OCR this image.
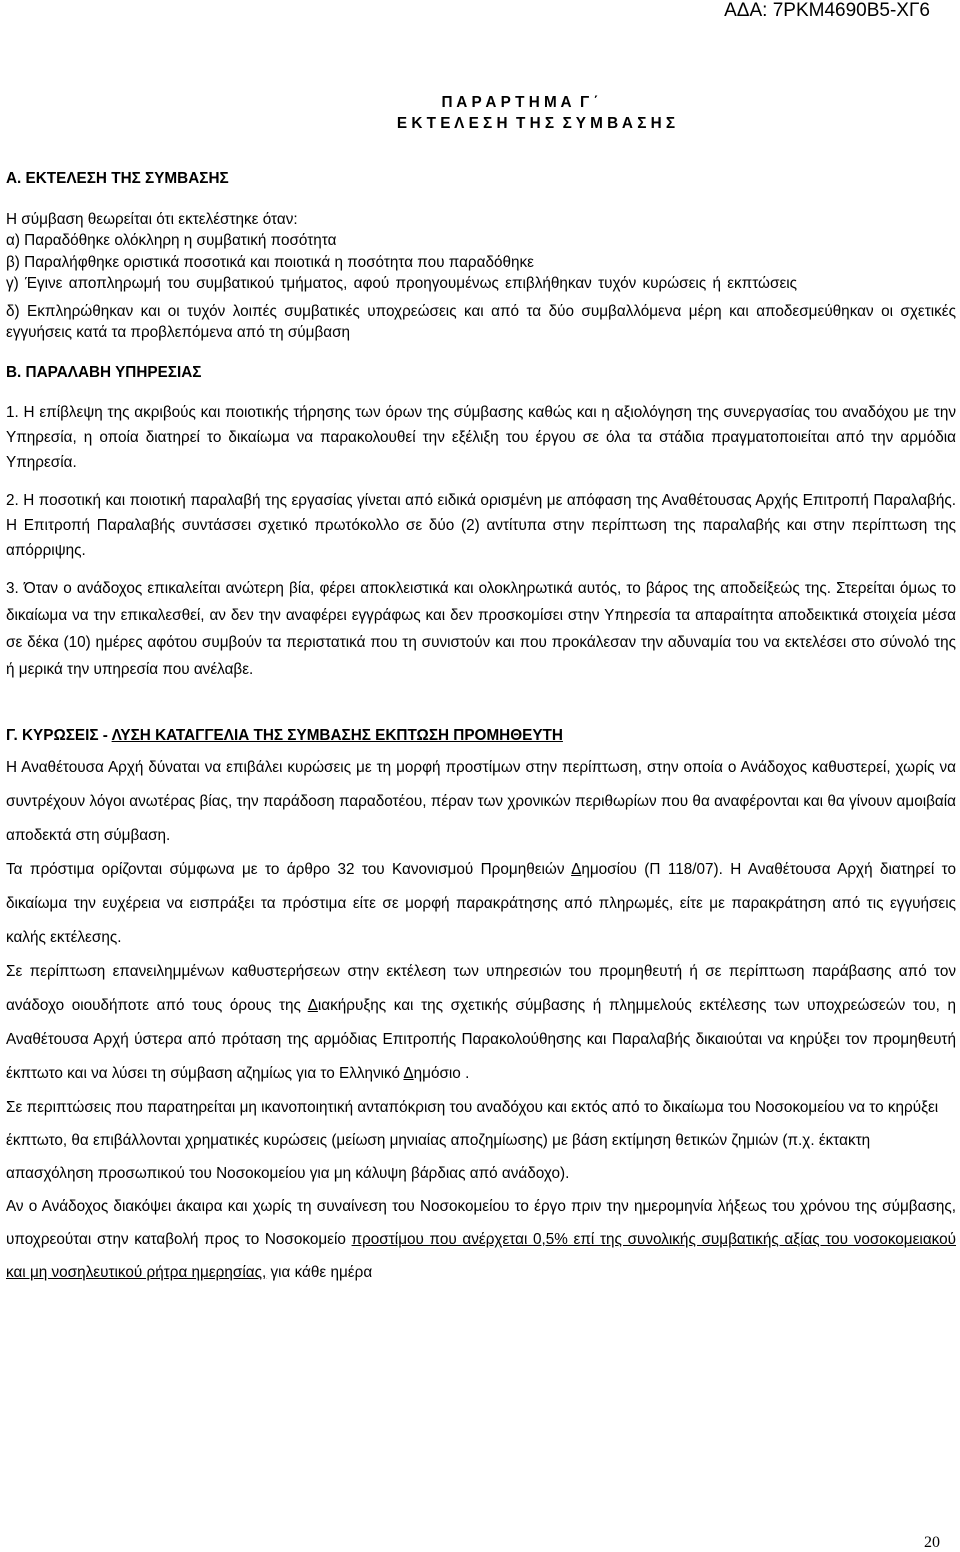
ΑΔΑ: 7ΡΚΜ4690Β5-ΧΓ6
Π Α Ρ Α Ρ Τ Η Μ Α  Γ ΄
Ε Κ Τ Ε Λ Ε Σ Η  Τ Η Σ  Σ Υ Μ Β Α Σ Η Σ
Α. ΕΚΤΕΛΕΣΗ ΤΗΣ ΣΥΜΒΑΣΗΣ

Η σύμβαση θεωρείται ότι εκτελέστηκε όταν:

α) Παραδόθηκε ολόκληρη η συμβατική ποσότητα

β) Παραλήφθηκε οριστικά ποσοτικά και ποιοτικά η ποσότητα που παραδόθηκε

γ) Έγινε αποπληρωμή του συμβατικού τμήματος, αφού προηγουμένως επιβλήθηκαν τυχόν κυρώσεις ή εκπτώσεις

δ) Εκπληρώθηκαν και οι τυχόν λοιπές συμβατικές υποχρεώσεις και από τα δύο συμβαλλόμενα μέρη και αποδεσμεύθηκαν οι σχετικές εγγυήσεις κατά τα προβλεπόμενα από τη σύμβαση

Β. ΠΑΡΑΛΑΒΗ ΥΠΗΡΕΣΙΑΣ

1. Η επίβλεψη της ακριβούς και ποιοτικής τήρησης των όρων της σύμβασης καθώς και η αξιολόγηση της συνεργασίας του αναδόχου με την Υπηρεσία, η οποία διατηρεί το δικαίωμα να παρακολουθεί την εξέλιξη του έργου σε όλα τα στάδια πραγματοποιείται από την αρμόδια Υπηρεσία.

2. Η ποσοτική και ποιοτική παραλαβή της εργασίας γίνεται από ειδικά ορισμένη με απόφαση της Αναθέτουσας Αρχής Επιτροπή Παραλαβής. Η Επιτροπή Παραλαβής συντάσσει σχετικό πρωτόκολλο σε δύο (2) αντίτυπα στην περίπτωση της παραλαβής και στην περίπτωση της απόρριψης.

3. Όταν ο ανάδοχος επικαλείται ανώτερη βία, φέρει αποκλειστικά και ολοκληρωτικά αυτός, το βάρος της αποδείξεώς της. Στερείται όμως το δικαίωμα να την επικαλεσθεί, αν δεν την αναφέρει εγγράφως και δεν προσκομίσει στην Υπηρεσία τα απαραίτητα αποδεικτικά στοιχεία μέσα σε δέκα (10) ημέρες αφότου συμβούν τα περιστατικά που τη συνιστούν και που προκάλεσαν την αδυναμία του να εκτελέσει στο σύνολό της ή μερικά την υπηρεσία που ανέλαβε.

Γ. ΚΥΡΩΣΕΙΣ - ΛΥΣΗ ΚΑΤΑΓΓΕΛΙΑ ΤΗΣ ΣΥΜΒΑΣΗΣ ΕΚΠΤΩΣΗ ΠΡΟΜΗΘΕΥΤΗ

Η Αναθέτουσα Αρχή δύναται να επιβάλει κυρώσεις με τη μορφή προστίμων στην περίπτωση, στην οποία ο Ανάδοχος καθυστερεί, χωρίς να συντρέχουν λόγοι ανωτέρας βίας, την παράδοση παραδοτέου, πέραν των χρονικών περιθωρίων που θα αναφέρονται και θα γίνουν αμοιβαία αποδεκτά στη σύμβαση.

Τα πρόστιμα ορίζονται σύμφωνα με το άρθρο 32 του Κανονισμού Προμηθειών Δημοσίου (Π 118/07). Η Αναθέτουσα Αρχή διατηρεί το δικαίωμα την ευχέρεια να εισπράξει τα πρόστιμα είτε σε μορφή παρακράτησης από πληρωμές, είτε με παρακράτηση από τις εγγυήσεις καλής εκτέλεσης.

Σε περίπτωση επανειλημμένων καθυστερήσεων στην εκτέλεση των υπηρεσιών του προμηθευτή ή σε περίπτωση παράβασης από τον ανάδοχο οιουδήποτε από τους όρους της Διακήρυξης και της σχετικής σύμβασης ή πλημμελούς εκτέλεσης των υποχρεώσεών του, η Αναθέτουσα Αρχή ύστερα από πρόταση της αρμόδιας Επιτροπής Παρακολούθησης και Παραλαβής δικαιούται να κηρύξει τον προμηθευτή έκπτωτο και να λύσει τη σύμβαση αζημίως για το Ελληνικό Δημόσιο .

Σε περιπτώσεις που παρατηρείται μη ικανοποιητική ανταπόκριση του αναδόχου και εκτός από το δικαίωμα του Νοσοκομείου να το κηρύξει έκπτωτο, θα επιβάλλονται χρηματικές κυρώσεις (μείωση μηνιαίας αποζημίωσης) με βάση εκτίμηση θετικών ζημιών (π.χ. έκτακτη απασχόληση προσωπικού του Νοσοκομείου για μη κάλυψη βάρδιας από ανάδοχο).

Αν ο Ανάδοχος διακόψει άκαιρα και χωρίς τη συναίνεση του Νοσοκομείου το έργο πριν την ημερομηνία λήξεως του χρόνου της σύμβασης, υποχρεούται στην καταβολή προς το Νοσοκομείο προστίμου που ανέρχεται 0,5% επί της συνολικής συμβατικής αξίας του νοσοκομειακού και μη νοσηλευτικού ρήτρα ημερησίας, για κάθε ημέρα

20
